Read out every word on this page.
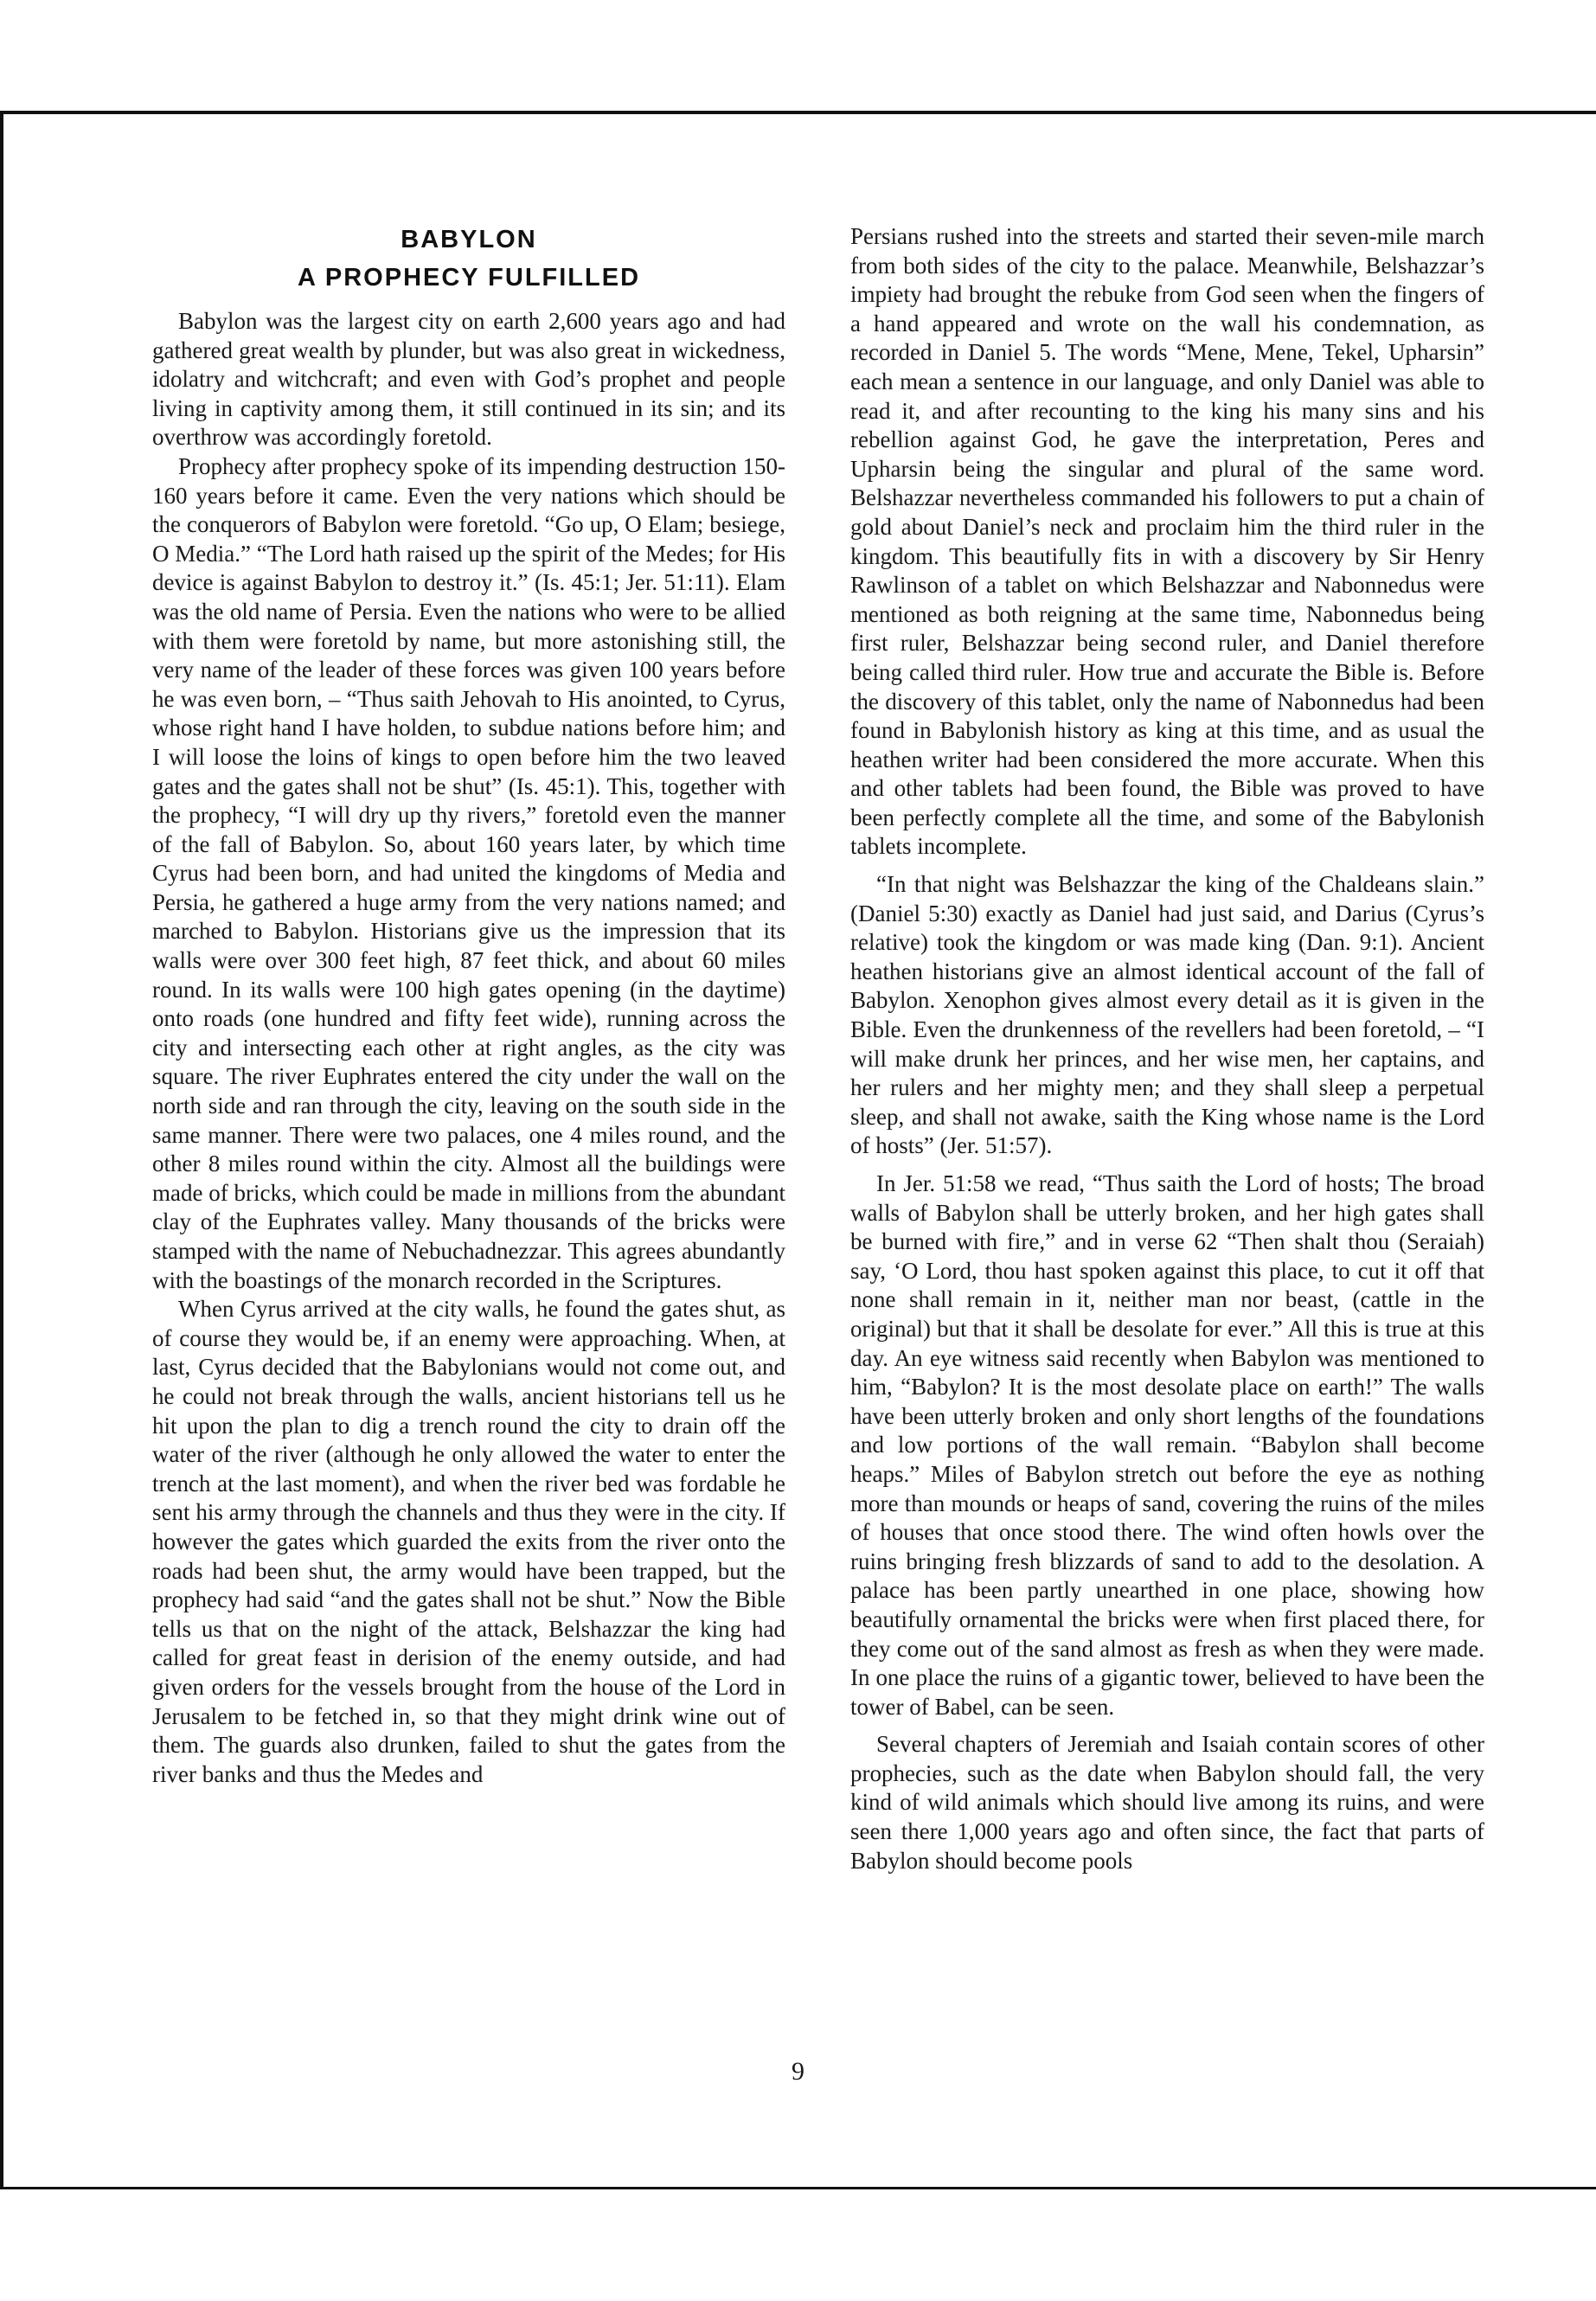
BABYLON
A PROPHECY FULFILLED

Babylon was the largest city on earth 2,600 years ago and had gathered great wealth by plunder, but was also great in wickedness, idolatry and witchcraft; and even with God’s prophet and people living in captivity among them, it still continued in its sin; and its overthrow was accordingly foretold.

Prophecy after prophecy spoke of its impending destruction 150-160 years before it came. Even the very nations which should be the conquerors of Babylon were foretold. “Go up, O Elam; besiege, O Media.” “The Lord hath raised up the spirit of the Medes; for His device is against Babylon to destroy it.” (Is. 45:1; Jer. 51:11). Elam was the old name of Persia. Even the nations who were to be allied with them were foretold by name, but more astonishing still, the very name of the leader of these forces was given 100 years before he was even born, – “Thus saith Jehovah to His anointed, to Cyrus, whose right hand I have holden, to subdue nations before him; and I will loose the loins of kings to open before him the two leaved gates and the gates shall not be shut” (Is. 45:1). This, together with the prophecy, “I will dry up thy rivers,” foretold even the manner of the fall of Babylon. So, about 160 years later, by which time Cyrus had been born, and had united the kingdoms of Media and Persia, he gathered a huge army from the very nations named; and marched to Babylon. Historians give us the impression that its walls were over 300 feet high, 87 feet thick, and about 60 miles round. In its walls were 100 high gates opening (in the daytime) onto roads (one hundred and fifty feet wide), running across the city and intersecting each other at right angles, as the city was square. The river Euphrates entered the city under the wall on the north side and ran through the city, leaving on the south side in the same manner. There were two palaces, one 4 miles round, and the other 8 miles round within the city. Almost all the buildings were made of bricks, which could be made in millions from the abundant clay of the Euphrates valley. Many thousands of the bricks were stamped with the name of Nebuchadnezzar. This agrees abundantly with the boastings of the monarch recorded in the Scriptures.

When Cyrus arrived at the city walls, he found the gates shut, as of course they would be, if an enemy were approaching. When, at last, Cyrus decided that the Babylonians would not come out, and he could not break through the walls, ancient historians tell us he hit upon the plan to dig a trench round the city to drain off the water of the river (although he only allowed the water to enter the trench at the last moment), and when the river bed was fordable he sent his army through the channels and thus they were in the city. If however the gates which guarded the exits from the river onto the roads had been shut, the army would have been trapped, but the prophecy had said “and the gates shall not be shut.” Now the Bible tells us that on the night of the attack, Belshazzar the king had called for great feast in derision of the enemy outside, and had given orders for the vessels brought from the house of the Lord in Jerusalem to be fetched in, so that they might drink wine out of them. The guards also drunken, failed to shut the gates from the river banks and thus the Medes and

Persians rushed into the streets and started their seven-mile march from both sides of the city to the palace. Meanwhile, Belshazzar’s impiety had brought the rebuke from God seen when the fingers of a hand appeared and wrote on the wall his condemnation, as recorded in Daniel 5. The words “Mene, Mene, Tekel, Upharsin” each mean a sentence in our language, and only Daniel was able to read it, and after recounting to the king his many sins and his rebellion against God, he gave the interpretation, Peres and Upharsin being the singular and plural of the same word. Belshazzar nevertheless commanded his followers to put a chain of gold about Daniel’s neck and proclaim him the third ruler in the kingdom. This beautifully fits in with a discovery by Sir Henry Rawlinson of a tablet on which Belshazzar and Nabonnedus were mentioned as both reigning at the same time, Nabonnedus being first ruler, Belshazzar being second ruler, and Daniel therefore being called third ruler. How true and accurate the Bible is. Before the discovery of this tablet, only the name of Nabonnedus had been found in Babylonish history as king at this time, and as usual the heathen writer had been considered the more accurate. When this and other tablets had been found, the Bible was proved to have been perfectly complete all the time, and some of the Babylonish tablets incomplete.

“In that night was Belshazzar the king of the Chaldeans slain.” (Daniel 5:30) exactly as Daniel had just said, and Darius (Cyrus’s relative) took the kingdom or was made king (Dan. 9:1). Ancient heathen historians give an almost identical account of the fall of Babylon. Xenophon gives almost every detail as it is given in the Bible. Even the drunkenness of the revellers had been foretold, – “I will make drunk her princes, and her wise men, her captains, and her rulers and her mighty men; and they shall sleep a perpetual sleep, and shall not awake, saith the King whose name is the Lord of hosts” (Jer. 51:57).

In Jer. 51:58 we read, “Thus saith the Lord of hosts; The broad walls of Babylon shall be utterly broken, and her high gates shall be burned with fire,” and in verse 62 “Then shalt thou (Seraiah) say, ‘O Lord, thou hast spoken against this place, to cut it off that none shall remain in it, neither man nor beast, (cattle in the original) but that it shall be desolate for ever.” All this is true at this day. An eye witness said recently when Babylon was mentioned to him, “Babylon? It is the most desolate place on earth!” The walls have been utterly broken and only short lengths of the foundations and low portions of the wall remain. “Babylon shall become heaps.” Miles of Babylon stretch out before the eye as nothing more than mounds or heaps of sand, covering the ruins of the miles of houses that once stood there. The wind often howls over the ruins bringing fresh blizzards of sand to add to the desolation. A palace has been partly unearthed in one place, showing how beautifully ornamental the bricks were when first placed there, for they come out of the sand almost as fresh as when they were made. In one place the ruins of a gigantic tower, believed to have been the tower of Babel, can be seen.

Several chapters of Jeremiah and Isaiah contain scores of other prophecies, such as the date when Babylon should fall, the very kind of wild animals which should live among its ruins, and were seen there 1,000 years ago and often since, the fact that parts of Babylon should become pools

9
